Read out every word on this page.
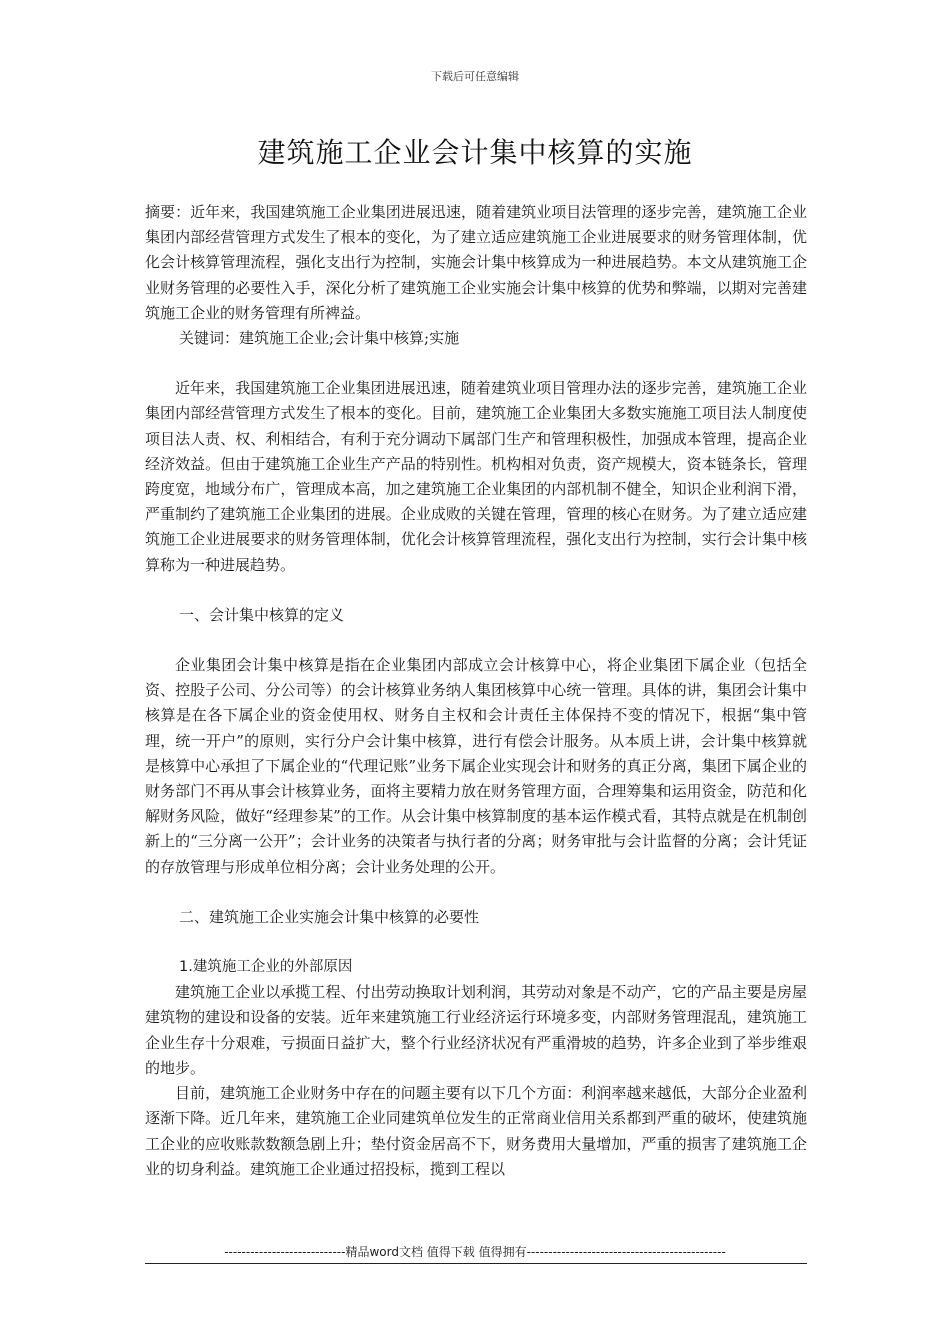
下载后可任意编辑
建筑施工企业会计集中核算的实施

摘要：近年来，我国建筑施工企业集团进展迅速，随着建筑业项目法管理的逐步完善，建筑施工企业集团内部经营管理方式发生了根本的变化，为了建立适应建筑施工企业进展要求的财务管理体制，优化会计核算管理流程，强化支出行为控制，实施会计集中核算成为一种进展趋势。本文从建筑施工企业财务管理的必要性入手，深化分析了建筑施工企业实施会计集中核算的优势和弊端，以期对完善建筑施工企业的财务管理有所裨益。

关键词：建筑施工企业;会计集中核算;实施

近年来，我国建筑施工企业集团进展迅速，随着建筑业项目管理办法的逐步完善，建筑施工企业集团内部经营管理方式发生了根本的变化。目前，建筑施工企业集团大多数实施施工项目法人制度使项目法人责、权、利相结合，有利于充分调动下属部门生产和管理积极性，加强成本管理，提高企业经济效益。但由于建筑施工企业生产产品的特别性。机构相对负责，资产规模大，资本链条长，管理跨度宽，地域分布广，管理成本高，加之建筑施工企业集团的内部机制不健全，知识企业利润下滑，严重制约了建筑施工企业集团的进展。企业成败的关键在管理，管理的核心在财务。为了建立适应建筑施工企业进展要求的财务管理体制，优化会计核算管理流程，强化支出行为控制，实行会计集中核算称为一种进展趋势。

一、会计集中核算的定义

企业集团会计集中核算是指在企业集团内部成立会计核算中心，将企业集团下属企业（包括全资、控股子公司、分公司等）的会计核算业务纳人集团核算中心统一管理。具体的讲，集团会计集中核算是在各下属企业的资金使用权、财务自主权和会计责任主体保持不变的情况下，根据“集中管理，统一开户”的原则，实行分户会计集中核算，进行有偿会计服务。从本质上讲，会计集中核算就是核算中心承担了下属企业的“代理记账”业务下属企业实现会计和财务的真正分离，集团下属企业的财务部门不再从事会计核算业务，面将主要精力放在财务管理方面，合理筹集和运用资金，防范和化解财务风险，做好“经理参某”的工作。从会计集中核算制度的基本运作模式看，其特点就是在机制创新上的“三分离一公开”；会计业务的决策者与执行者的分离；财务审批与会计监督的分离；会计凭证的存放管理与形成单位相分离；会计业务处理的公开。

二、建筑施工企业实施会计集中核算的必要性

1.建筑施工企业的外部原因

建筑施工企业以承揽工程、付出劳动换取计划利润，其劳动对象是不动产，它的产品主要是房屋建筑物的建设和设备的安装。近年来建筑施工行业经济运行环境多变，内部财务管理混乱，建筑施工企业生存十分艰难，亏损面日益扩大，整个行业经济状况有严重滑坡的趋势，许多企业到了举步维艰的地步。

目前，建筑施工企业财务中存在的问题主要有以下几个方面：利润率越来越低，大部分企业盈利逐渐下降。近几年来，建筑施工企业同建筑单位发生的正常商业信用关系都到严重的破坏，使建筑施工企业的应收账款数额急剧上升；垫付资金居高不下，财务费用大量增加，严重的损害了建筑施工企业的切身利益。建筑施工企业通过招投标，揽到工程以

----------------------------精品word文档 值得下载 值得拥有----------------------------------------------
